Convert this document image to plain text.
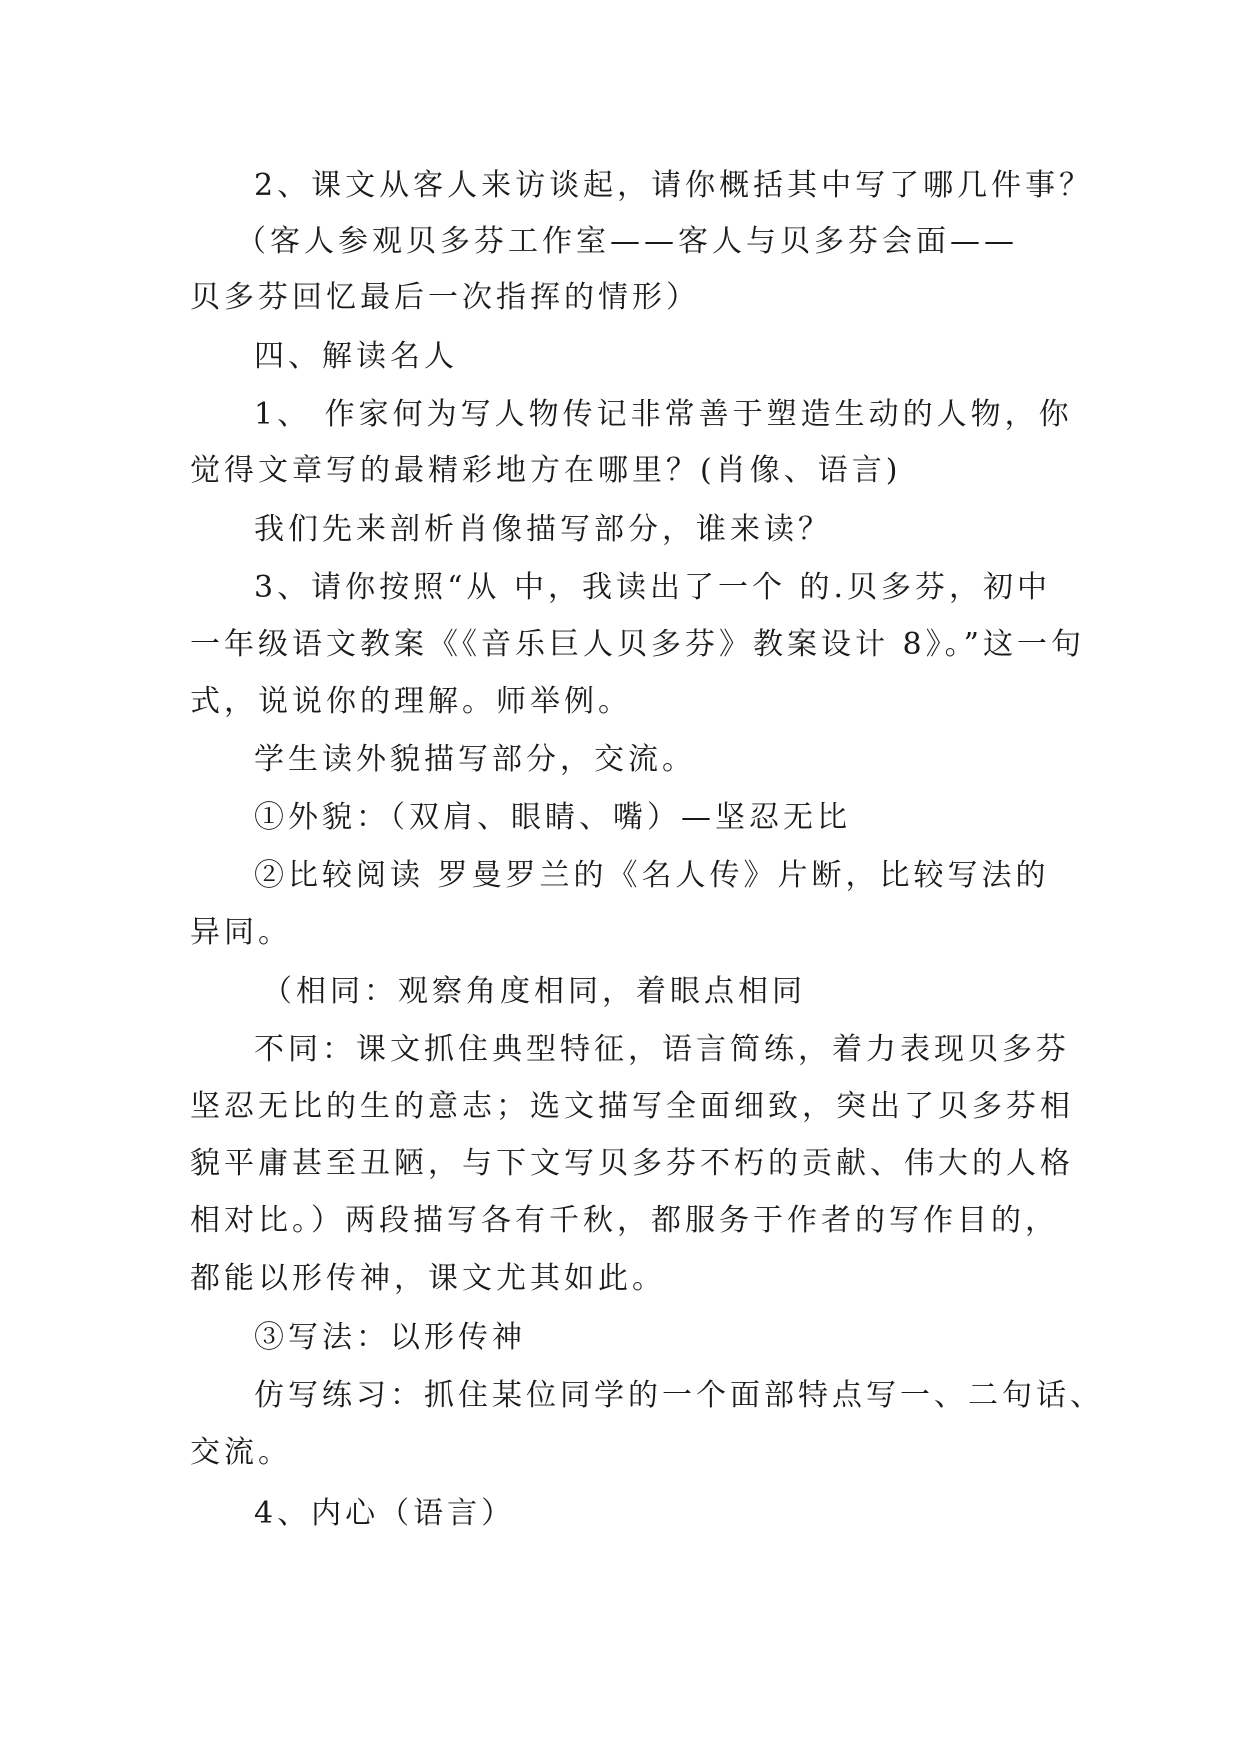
2、课文从客人来访谈起，请你概括其中写了哪几件事？

（客人参观贝多芬工作室——客人与贝多芬会面——

贝多芬回忆最后一次指挥的情形）

四、解读名人

1、 作家何为写人物传记非常善于塑造生动的人物，你

觉得文章写的最精彩地方在哪里？(肖像、语言)

我们先来剖析肖像描写部分，谁来读？

3、请你按照“从 中，我读出了一个 的.贝多芬，初中

一年级语文教案《《音乐巨人贝多芬》教案设计 8》。”这一句

式，说说你的理解。师举例。

学生读外貌描写部分，交流。

①外貌：（双肩、眼睛、嘴）—坚忍无比

②比较阅读 罗曼罗兰的《名人传》片断，比较写法的

异同。

（相同：观察角度相同，着眼点相同

不同：课文抓住典型特征，语言简练，着力表现贝多芬

坚忍无比的生的意志；选文描写全面细致，突出了贝多芬相

貌平庸甚至丑陋，与下文写贝多芬不朽的贡献、伟大的人格

相对比。）两段描写各有千秋，都服务于作者的写作目的，

都能以形传神，课文尤其如此。

③写法：以形传神

仿写练习：抓住某位同学的一个面部特点写一、二句话、

交流。

4、内心（语言）
